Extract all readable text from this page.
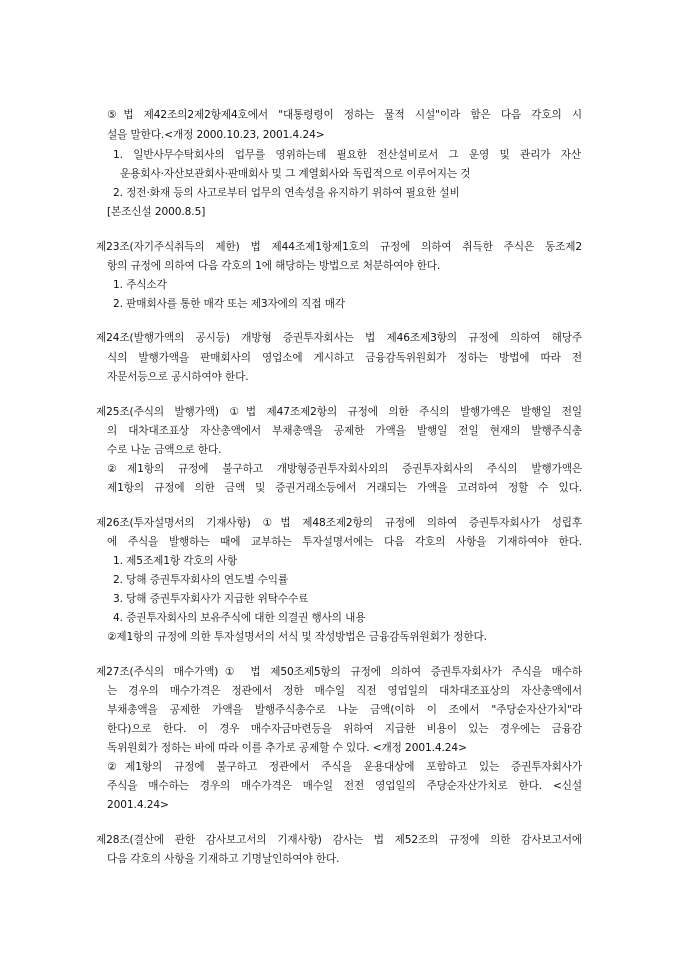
⑤법 제42조의2제2항제4호에서 "대통령령이 정하는 물적 시설"이라 함은 다음 각호의 시
설을 말한다.<개정 2000.10.23, 2001.4.24>
1. 일반사무수탁회사의 업무를 영위하는데 필요한 전산설비로서 그 운영 및 관리가 자산
운용회사·자산보관회사·판매회사 및 그 계열회사와 독립적으로 이루어지는 것
2. 정전·화재 등의 사고로부터 업무의 연속성을 유지하기 위하여 필요한 설비
[본조신설 2000.8.5]
제23조(자기주식취득의 제한) 법 제44조제1항제1호의 규정에 의하여 취득한 주식은 동조제2
항의 규정에 의하여 다음 각호의 1에 해당하는 방법으로 처분하여야 한다.
1. 주식소각
2. 판매회사를 통한 매각 또는 제3자에의 직접 매각
제24조(발행가액의 공시등) 개방형 증권투자회사는 법 제46조제3항의 규정에 의하여 해당주
식의 발행가액을 판매회사의 영업소에 게시하고 금융감독위원회가 정하는 방법에 따라 전
자문서등으로 공시하여야 한다.
제25조(주식의 발행가액) ①법 제47조제2항의 규정에 의한 주식의 발행가액은 발행일 전일
의 대차대조표상 자산총액에서 부채총액을 공제한 가액을 발행일 전일 현재의 발행주식총
수로 나눈 금액으로 한다.
②제1항의 규정에 불구하고 개방형증권투자회사외의 증권투자회사의 주식의 발행가액은
제1항의 규정에 의한 금액 및 증권거래소등에서 거래되는 가액을 고려하여 정할 수 있다.
제26조(투자설명서의 기재사항) ①법 제48조제2항의 규정에 의하여 증권투자회사가 성립후
에 주식을 발행하는 때에 교부하는 투자설명서에는 다음 각호의 사항을 기재하여야 한다.
1. 제5조제1항 각호의 사항
2. 당해 증권투자회사의 연도별 수익률
3. 당해 증권투자회사가 지급한 위탁수수료
4. 증권투자회사의 보유주식에 대한 의결권 행사의 내용
②제1항의 규정에 의한 투자설명서의 서식 및 작성방법은 금융감독위원회가 정한다.
제27조(주식의 매수가액)① 법 제50조제5항의 규정에 의하여 증권투자회사가 주식을 매수하
는 경우의 매수가격은 정관에서 정한 매수일 직전 영업일의 대차대조표상의 자산총액에서
부채총액을 공제한 가액을 발행주식총수로 나눈 금액(이하 이 조에서 "주당순자산가치"라
한다)으로 한다. 이 경우 매수자금마련등을 위하여 지급한 비용이 있는 경우에는 금융감
독위원회가 정하는 바에 따라 이를 추가로 공제할 수 있다. <개정 2001.4.24>
②제1항의 규정에 불구하고 정관에서 주식을 운용대상에 포함하고 있는 증권투자회사가
주식을 매수하는 경우의 매수가격은 매수일 전전 영업일의 주당순자산가치로 한다. <신설
2001.4.24>
제28조(결산에 관한 감사보고서의 기재사항) 감사는 법 제52조의 규정에 의한 감사보고서에
다음 각호의 사항을 기재하고 기명날인하여야 한다.
